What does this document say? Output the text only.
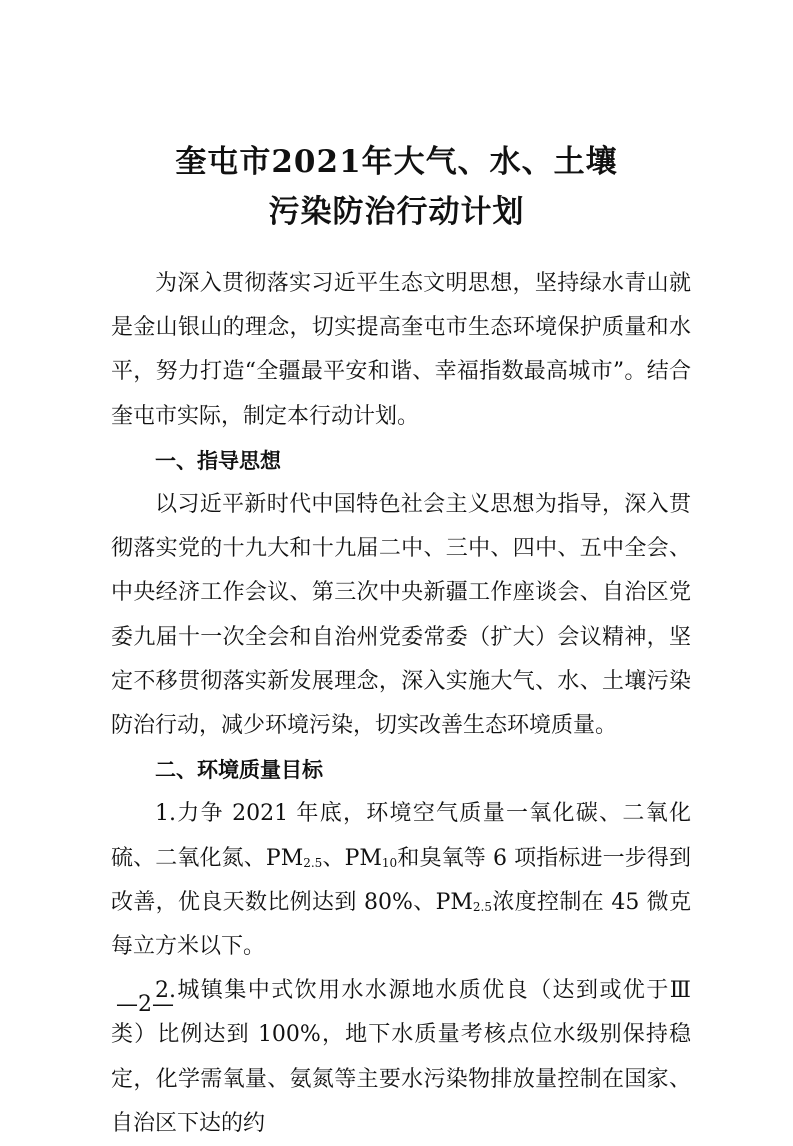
奎屯市2021年大气、水、土壤
污染防治行动计划

为深入贯彻落实习近平生态文明思想，坚持绿水青山就是金山银山的理念，切实提高奎屯市生态环境保护质量和水平，努力打造“全疆最平安和谐、幸福指数最高城市”。结合奎屯市实际，制定本行动计划。

一、指导思想

以习近平新时代中国特色社会主义思想为指导，深入贯彻落实党的十九大和十九届二中、三中、四中、五中全会、中央经济工作会议、第三次中央新疆工作座谈会、自治区党委九届十一次全会和自治州党委常委（扩大）会议精神，坚定不移贯彻落实新发展理念，深入实施大气、水、土壤污染防治行动，减少环境污染，切实改善生态环境质量。

二、环境质量目标

1.力争 2021 年底，环境空气质量一氧化碳、二氧化硫、二氧化氮、PM2.5、PM10和臭氧等 6 项指标进一步得到改善，优良天数比例达到 80%、PM2.5浓度控制在 45 微克每立方米以下。

2.城镇集中式饮用水水源地水质优良（达到或优于Ⅲ类）比例达到 100%，地下水质量考核点位水级别保持稳定，化学需氧量、氨氮等主要水污染物排放量控制在国家、自治区下达的约

—2—
